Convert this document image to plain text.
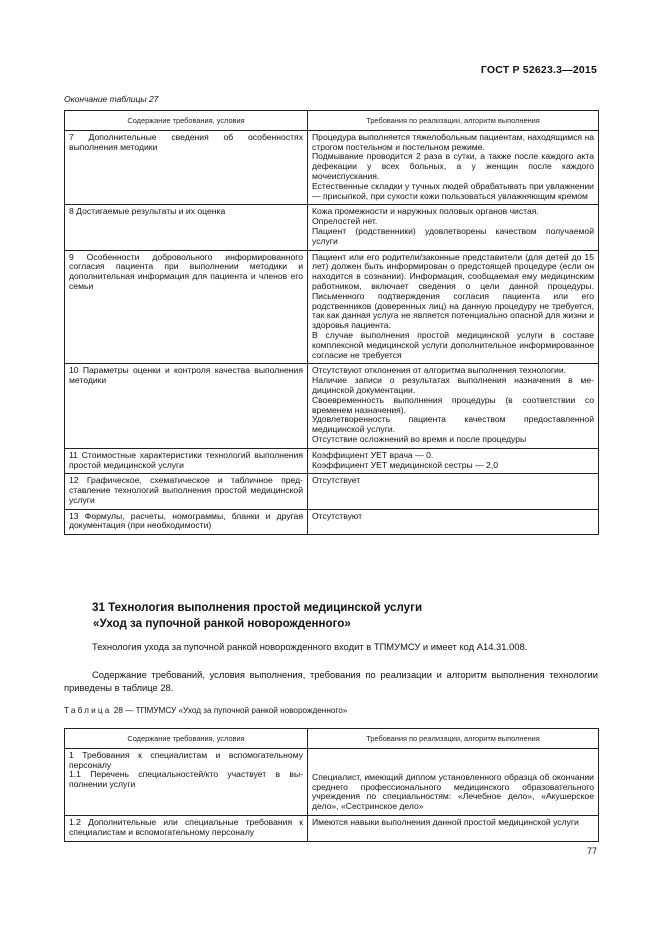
ГОСТ Р 52623.3—2015
Окончание таблицы 27
Содержание требования, условия	Требования по реализации, алгоритм выполнения
7 Дополнительные сведения об особенностях выполнения методики	Процедура выполняется тяжелобольным пациентам, находящимся на строгом постельном и постельном режиме.

Подмывание проводится 2 раза в сутки, а также после каждого акта дефекации у всех больных, а у женщин после каждого мочеиспускания.

Естественные складки у тучных людей обрабатывать при увлажнении — присыпкой, при сухости кожи пользоваться увлажняющим кремом

8 Достигаемые результаты и их оценка	Кожа промежности и наружных половых органов чистая.

Опрелостей нет.

Пациент (родственники) удовлетворены качеством получаемой услуги

9 Особенности добровольного информированного согласия пациента при выполнении методики и дополнительная информация для пациента и членов его семьи	Пациент или его родители/законные представители (для детей до 15 лет) должен быть информирован о предстоящей процедуре (если он находится в сознании). Информация, сообщаемая ему медицинским работником, включает сведения о цели данной процедуры. Письменного подтверждения согласия пациента или его родственников (доверенных лиц) на данную процедуру не требуется, так как данная услуга не является потенциально опасной для жизни и здоровья пациента.

В случае выполнения простой медицинской услуги в составе комплексной медицинской услуги дополнительное информированное согласие не требуется

10 Параметры оценки и контроля качества выполнения методики	Отсутствуют отклонения от алгоритма выполнения технологии.

Наличие записи о результатах выполнения назначения в медицинской документации.

Своевременность выполнения процедуры (в соответствии со временем назначения).

Удовлетворенность пациента качеством предоставленной медицинской услуги.

Отсутствие осложнений во время и после процедуры

11 Стоимостные характеристики технологий выполнения простой медицинской услуги	Коэффициент УЕТ врача — 0.

Коэффициент УЕТ медицинской сестры — 2,0

12 Графическое, схематическое и табличное представление технологий выполнения простой медицинской услуги	Отсутствует
13 Формулы, расчеты, номограммы, бланки и другая документация (при необходимости)	Отсутствуют
31 Технология выполнения простой медицинской услуги
«Уход за пупочной ранкой новорожденного»
Технология ухода за пупочной ранкой новорожденного входит в ТПМУМСУ и имеет код А14.31.008.
Содержание требований, условия выполнения, требования по реализации и алгоритм выполнения технологии приведены в таблице 28.
Таблица 28 — ТПМУМСУ «Уход за пупочной ранкой новорожденного»
Содержание требования, условия	Требования по реализации, алгоритм выполнения

1 Требования к специалистам и вспомогательному персоналу

1.1 Перечень специальностей/кто участвует в выполнении услуги	Специалист, имеющий диплом установленного образца об окончании среднего профессионального медицинского образовательного учреждения по специальностям: «Лечебное дело», «Акушерское дело», «Сестринское дело»
1.2 Дополнительные или специальные требования к специалистам и вспомогательному персоналу	Имеются навыки выполнения данной простой медицинской услуги
77
